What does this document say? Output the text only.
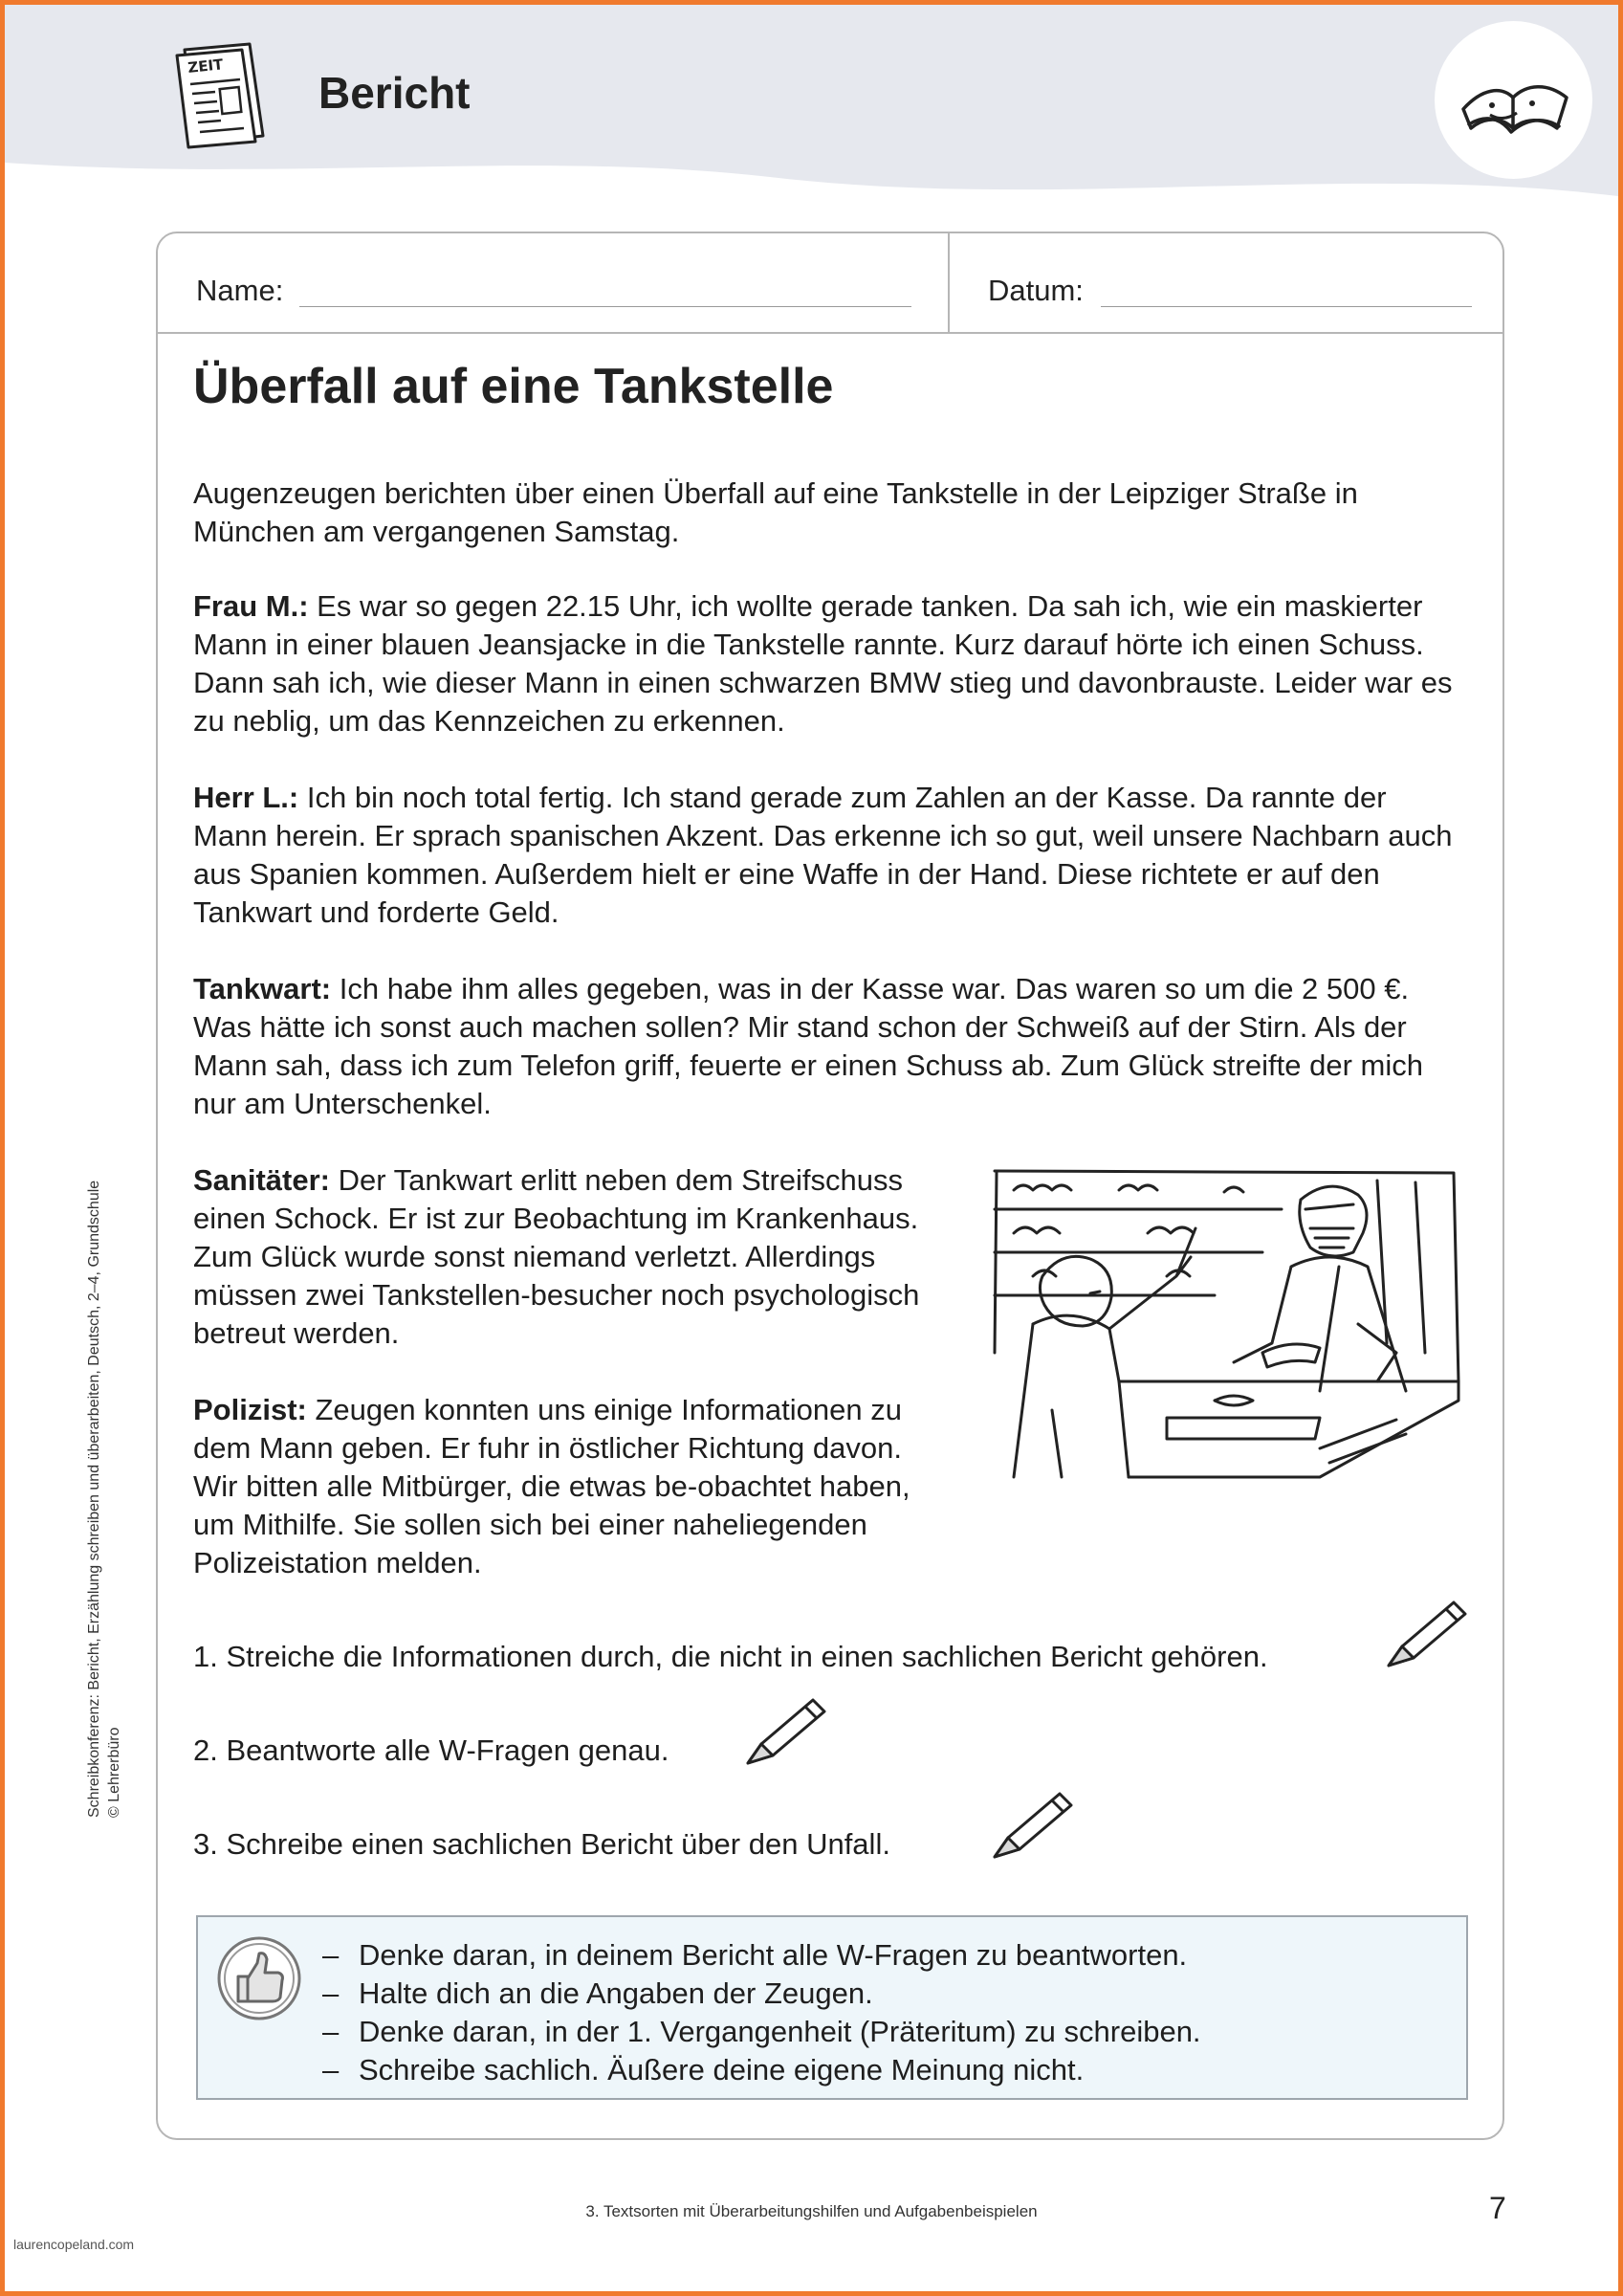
ZEIT
Bericht
Name:	Datum:
Überfall auf eine Tankstelle

Augenzeugen berichten über einen Überfall auf eine Tankstelle in der Leipziger Straße in München am vergangenen Samstag.

Frau M.: Es war so gegen 22.15 Uhr, ich wollte gerade tanken. Da sah ich, wie ein maskierter Mann in einer blauen Jeansjacke in die Tankstelle rannte. Kurz darauf hörte ich einen Schuss. Dann sah ich, wie dieser Mann in einen schwarzen BMW stieg und davonbrauste. Leider war es zu neblig, um das Kennzeichen zu erkennen.

Herr L.: Ich bin noch total fertig. Ich stand gerade zum Zahlen an der Kasse. Da rannte der Mann herein. Er sprach spanischen Akzent. Das erkenne ich so gut, weil unsere Nachbarn auch aus Spanien kommen. Außerdem hielt er eine Waffe in der Hand. Diese richtete er auf den Tankwart und forderte Geld.

Tankwart: Ich habe ihm alles gegeben, was in der Kasse war. Das waren so um die 2 500 €. Was hätte ich sonst auch machen sollen? Mir stand schon der Schweiß auf der Stirn. Als der Mann sah, dass ich zum Telefon griff, feuerte er einen Schuss ab. Zum Glück streifte der mich nur am Unterschenkel.

Sanitäter: Der Tankwart erlitt neben dem Streifschuss einen Schock. Er ist zur Beobachtung im Krankenhaus. Zum Glück wurde sonst niemand verletzt. Allerdings müssen zwei Tankstellen-besucher noch psychologisch betreut werden.

Polizist: Zeugen konnten uns einige Informationen zu dem Mann geben. Er fuhr in östlicher Richtung davon. Wir bitten alle Mitbürger, die etwas be-obachtet haben, um Mithilfe. Sie sollen sich bei einer naheliegenden Polizeistation melden.

1. Streiche die Informationen durch, die nicht in einen sachlichen Bericht gehören.
2. Beantworte alle W-Fragen genau.
3. Schreibe einen sachlichen Bericht über den Unfall.
– Denke daran, in deinem Bericht alle W-Fragen zu beantworten.
– Halte dich an die Angaben der Zeugen.
– Denke daran, in der 1. Vergangenheit (Präteritum) zu schreiben.
– Schreibe sachlich. Äußere deine eigene Meinung nicht.
Schreibkonferenz: Bericht, Erzählung schreiben und überarbeiten, Deutsch, 2–4, Grundschule © Lehrerbüro
3. Textsorten mit Überarbeitungshilfen und Aufgabenbeispielen	7
laurencopeland.com
